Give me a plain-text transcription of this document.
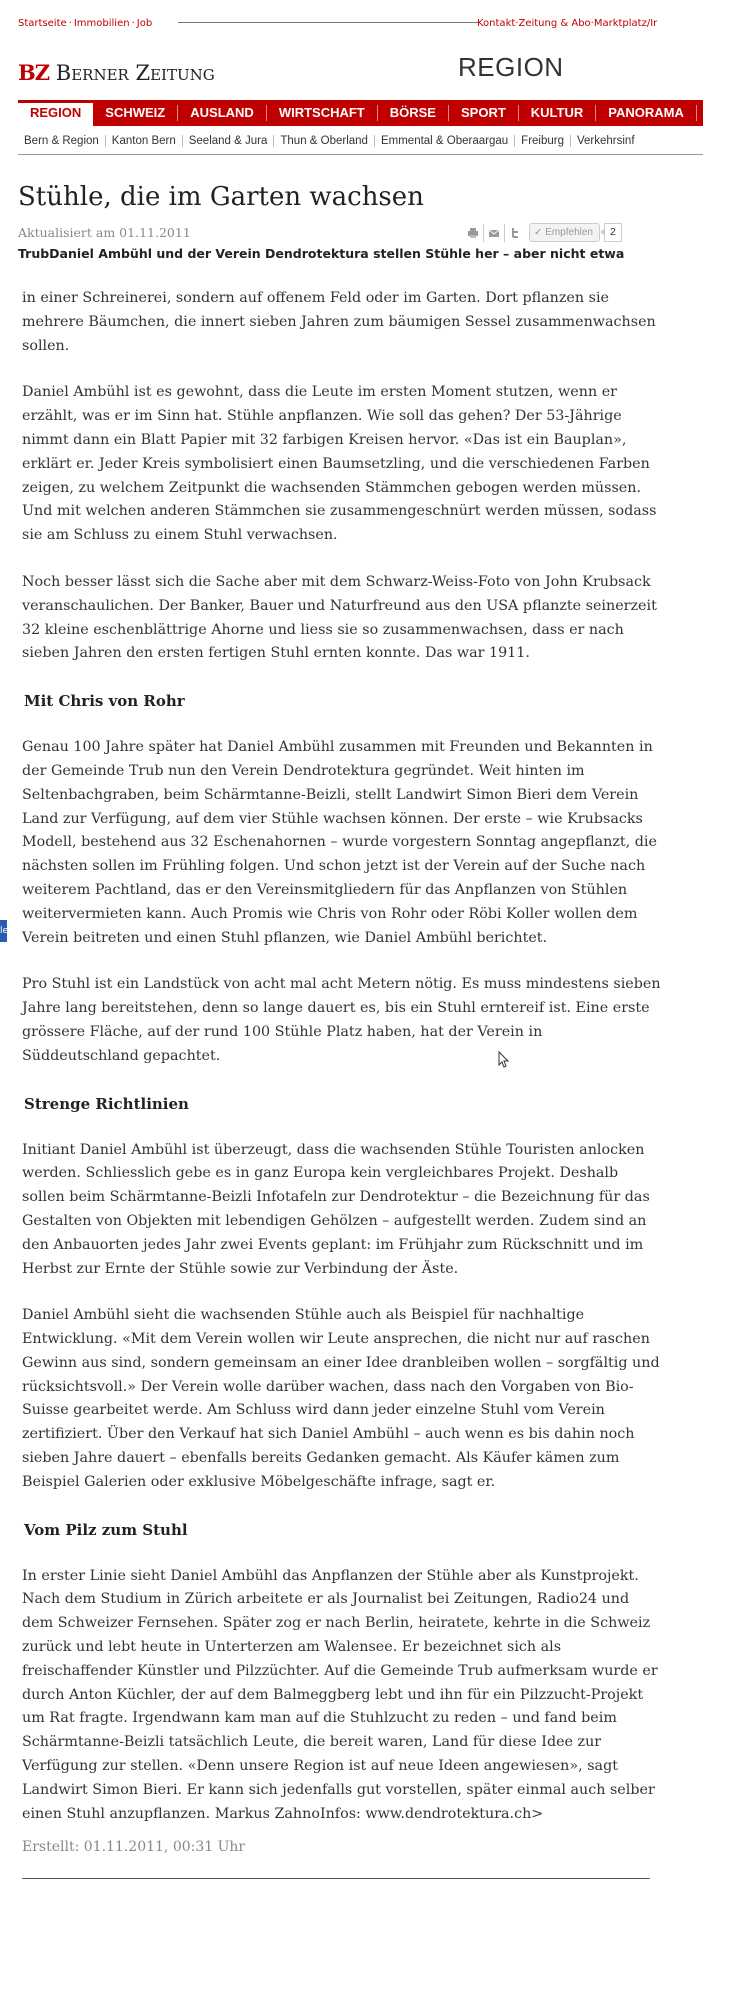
Startseite · Immobilien · Job	Kontakt·Zeitung & Abo·Marktplatz/Ir
BZ Berner Zeitung	REGION
REGION SCHWEIZ AUSLAND WIRTSCHAFT BÖRSE SPORT KULTUR PANORAMA L
Bern & Region Kanton Bern Seeland & Jura Thun & Oberland Emmental & Oberaargau Freiburg Verkehrsinf
Stühle, die im Garten wachsen
Aktualisiert am 01.11.2011	✓ Empfehlen 2
TrubDaniel Ambühl und der Verein Dendrotektura stellen Stühle her – aber nicht etwa

in einer Schreinerei, sondern auf offenem Feld oder im Garten. Dort pflanzen sie mehrere Bäumchen, die innert sieben Jahren zum bäumigen Sessel zusammenwachsen sollen.

Daniel Ambühl ist es gewohnt, dass die Leute im ersten Moment stutzen, wenn er erzählt, was er im Sinn hat. Stühle anpflanzen. Wie soll das gehen? Der 53-Jährige nimmt dann ein Blatt Papier mit 32 farbigen Kreisen hervor. «Das ist ein Bauplan», erklärt er. Jeder Kreis symbolisiert einen Baumsetzling, und die verschiedenen Farben zeigen, zu welchem Zeitpunkt die wachsenden Stämmchen gebogen werden müssen. Und mit welchen anderen Stämmchen sie zusammengeschnürt werden müssen, sodass sie am Schluss zu einem Stuhl verwachsen.

Noch besser lässt sich die Sache aber mit dem Schwarz-Weiss-Foto von John Krubsack veranschaulichen. Der Banker, Bauer und Naturfreund aus den USA pflanzte seinerzeit 32 kleine eschenblättrige Ahorne und liess sie so zusammenwachsen, dass er nach sieben Jahren den ersten fertigen Stuhl ernten konnte. Das war 1911.

Mit Chris von Rohr

Genau 100 Jahre später hat Daniel Ambühl zusammen mit Freunden und Bekannten in der Gemeinde Trub nun den Verein Dendrotektura gegründet. Weit hinten im Seltenbachgraben, beim Schärmtanne-Beizli, stellt Landwirt Simon Bieri dem Verein Land zur Verfügung, auf dem vier Stühle wachsen können. Der erste – wie Krubsacks Modell, bestehend aus 32 Eschenahornen – wurde vorgestern Sonntag angepflanzt, die nächsten sollen im Frühling folgen. Und schon jetzt ist der Verein auf der Suche nach weiterem Pachtland, das er den Vereinsmitgliedern für das Anpflanzen von Stühlen weitervermieten kann. Auch Promis wie Chris von Rohr oder Röbi Koller wollen dem Verein beitreten und einen Stuhl pflanzen, wie Daniel Ambühl berichtet.

Pro Stuhl ist ein Landstück von acht mal acht Metern nötig. Es muss mindestens sieben Jahre lang bereitstehen, denn so lange dauert es, bis ein Stuhl erntereif ist. Eine erste grössere Fläche, auf der rund 100 Stühle Platz haben, hat der Verein in Süddeutschland gepachtet.

Strenge Richtlinien

Initiant Daniel Ambühl ist überzeugt, dass die wachsenden Stühle Touristen anlocken werden. Schliesslich gebe es in ganz Europa kein vergleichbares Projekt. Deshalb sollen beim Schärmtanne-Beizli Infotafeln zur Dendrotektur – die Bezeichnung für das Gestalten von Objekten mit lebendigen Gehölzen – aufgestellt werden. Zudem sind an den Anbauorten jedes Jahr zwei Events geplant: im Frühjahr zum Rückschnitt und im Herbst zur Ernte der Stühle sowie zur Verbindung der Äste.

Daniel Ambühl sieht die wachsenden Stühle auch als Beispiel für nachhaltige Entwicklung. «Mit dem Verein wollen wir Leute ansprechen, die nicht nur auf raschen Gewinn aus sind, sondern gemeinsam an einer Idee dranbleiben wollen – sorgfältig und rücksichtsvoll.» Der Verein wolle darüber wachen, dass nach den Vorgaben von Bio-Suisse gearbeitet werde. Am Schluss wird dann jeder einzelne Stuhl vom Verein zertifiziert. Über den Verkauf hat sich Daniel Ambühl – auch wenn es bis dahin noch sieben Jahre dauert – ebenfalls bereits Gedanken gemacht. Als Käufer kämen zum Beispiel Galerien oder exklusive Möbelgeschäfte infrage, sagt er.

Vom Pilz zum Stuhl

In erster Linie sieht Daniel Ambühl das Anpflanzen der Stühle aber als Kunstprojekt. Nach dem Studium in Zürich arbeitete er als Journalist bei Zeitungen, Radio24 und dem Schweizer Fernsehen. Später zog er nach Berlin, heiratete, kehrte in die Schweiz zurück und lebt heute in Unterterzen am Walensee. Er bezeichnet sich als freischaffender Künstler und Pilzzüchter. Auf die Gemeinde Trub aufmerksam wurde er durch Anton Küchler, der auf dem Balmeggberg lebt und ihn für ein Pilzzucht-Projekt um Rat fragte. Irgendwann kam man auf die Stuhlzucht zu reden – und fand beim Schärmtanne-Beizli tatsächlich Leute, die bereit waren, Land für diese Idee zur Verfügung zur stellen. «Denn unsere Region ist auf neue Ideen angewiesen», sagt Landwirt Simon Bieri. Er kann sich jedenfalls gut vorstellen, später einmal auch selber einen Stuhl anzupflanzen. Markus ZahnoInfos: www.dendrotektura.ch>

Erstellt: 01.11.2011, 00:31 Uhr
le
